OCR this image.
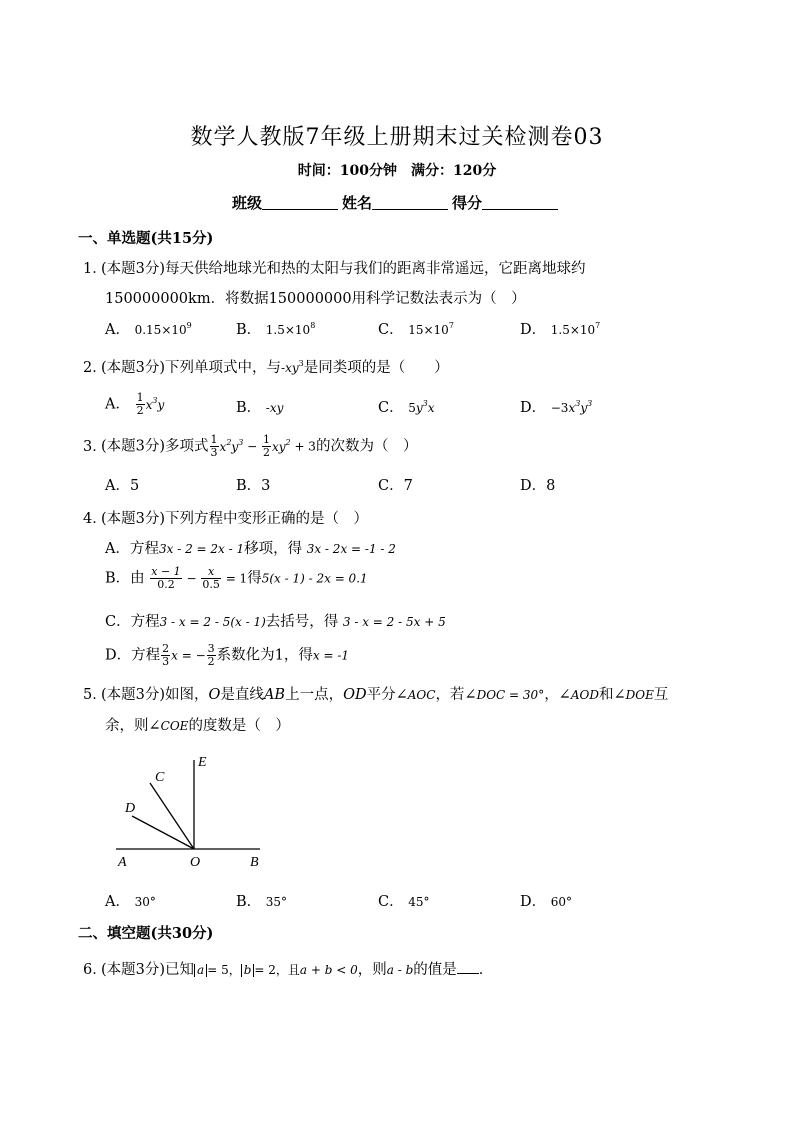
数学人教版7年级上册期末过关检测卷03
时间：100分钟　满分：120分
班级	姓名	得分
一、单选题(共15分)
1．(本题3分)每天供给地球光和热的太阳与我们的距离非常遥远，它距离地球约
150000000km．将数据150000000用科学记数法表示为（　）
A． $0.15\times 10^9$	B． $1.5\times 10^8$	C． $15\times 10^7$	D． $1.5\times 10^7$
2．(本题3分)下列单项式中，与$-xy^3$是同类项的是（　　）
A． $\frac{1}{2} x^3y$	B． -xy	C． $5y^3x$	D． $-3x^3y^3$
3．(本题3分)多项式 $\frac{1}{3} x^2y^3 - \frac{1}{2} xy^2 + 3$的次数为（　）
A．5	B．3	C．7	D．8
4．(本题3分)下列方程中变形正确的是（　）
A．方程3x - 2 = 2x - 1移项，得 3x - 2x = -1 - 2
B．由 $\frac{x - 1}{0.2} - \frac{x}{0.5} = 1$得5(x - 1) - 2x = 0.1
C．方程3 - x = 2 - 5(x - 1)去括号，得 3 - x = 2 - 5x + 5
D．方程 $\frac{2}{3}$ x = − $\frac{3}{2}$ 系数化为1，得x = -1
5．(本题3分)如图，O是直线AB上一点，OD平分∠AOC，若∠DOC = 30°，∠AOD和∠DOE互
余，则∠COE的度数是（　）
E
C
D
A	O	B
A． 30°	B． 35°	C． 45°	D． 60°
二、填空题(共30分)
6．(本题3分)已知 a = 5， b = 2，且a + b < 0，则a - b的值是 ．
